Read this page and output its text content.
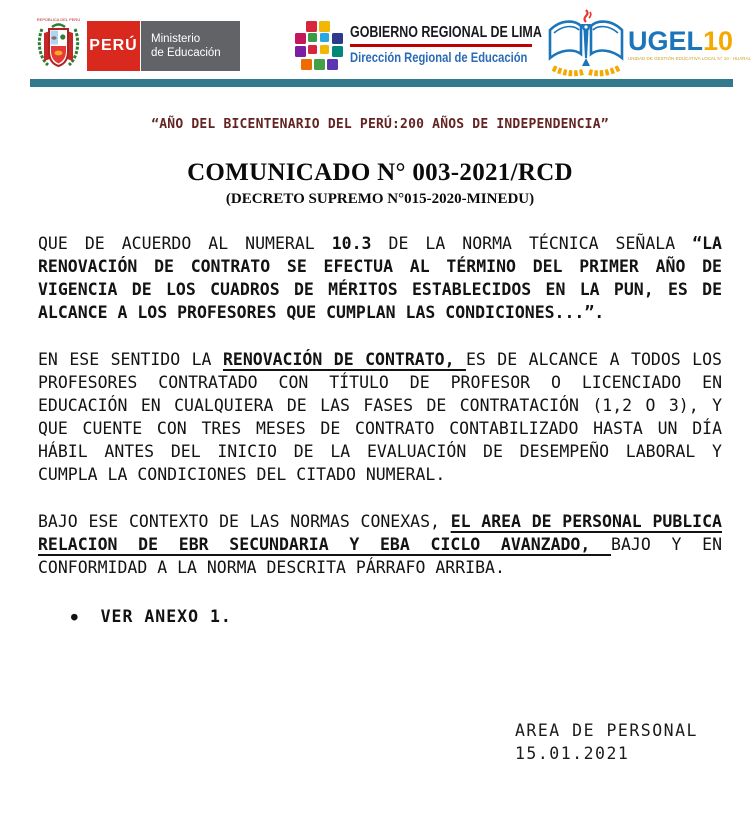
REPÚBLICA DEL PERÚ
PERÚ Ministerio
de Educación
GOBIERNO REGIONAL DE LIMA
Dirección Regional de Educación
UGEL10
UNIDAD DE GESTIÓN EDUCATIVA LOCAL N° 10 - HUARAL
“AÑO DEL BICENTENARIO DEL PERÚ:200 AÑOS DE INDEPENDENCIA”
COMUNICADO N° 003-2021/RCD
(DECRETO SUPREMO N°015-2020-MINEDU)

QUE DE ACUERDO AL NUMERAL 10.3 DE LA NORMA TÉCNICA SEÑALA “LA RENOVACIÓN DE CONTRATO SE EFECTUA AL TÉRMINO DEL PRIMER AÑO DE VIGENCIA DE LOS CUADROS DE MÉRITOS ESTABLECIDOS EN LA PUN, ES DE ALCANCE A LOS PROFESORES QUE CUMPLAN LAS CONDICIONES...”.

EN ESE SENTIDO LA RENOVACIÓN DE CONTRATO, ES DE ALCANCE A TODOS LOS PROFESORES CONTRATADO CON TÍTULO DE PROFESOR O LICENCIADO EN EDUCACIÓN EN CUALQUIERA DE LAS FASES DE CONTRATACIÓN (1,2 O 3), Y QUE CUENTE CON TRES MESES DE CONTRATO CONTABILIZADO HASTA UN DÍA HÁBIL ANTES DEL INICIO DE LA EVALUACIÓN DE DESEMPEÑO LABORAL Y CUMPLA LA CONDICIONES DEL CITADO NUMERAL.

BAJO ESE CONTEXTO DE LAS NORMAS CONEXAS, EL AREA DE PERSONAL PUBLICA RELACION DE EBR SECUNDARIA Y EBA CICLO AVANZADO, BAJO Y EN CONFORMIDAD A LA NORMA DESCRITA PÁRRAFO ARRIBA.

● VER ANEXO 1.
AREA DE PERSONAL
15.01.2021
